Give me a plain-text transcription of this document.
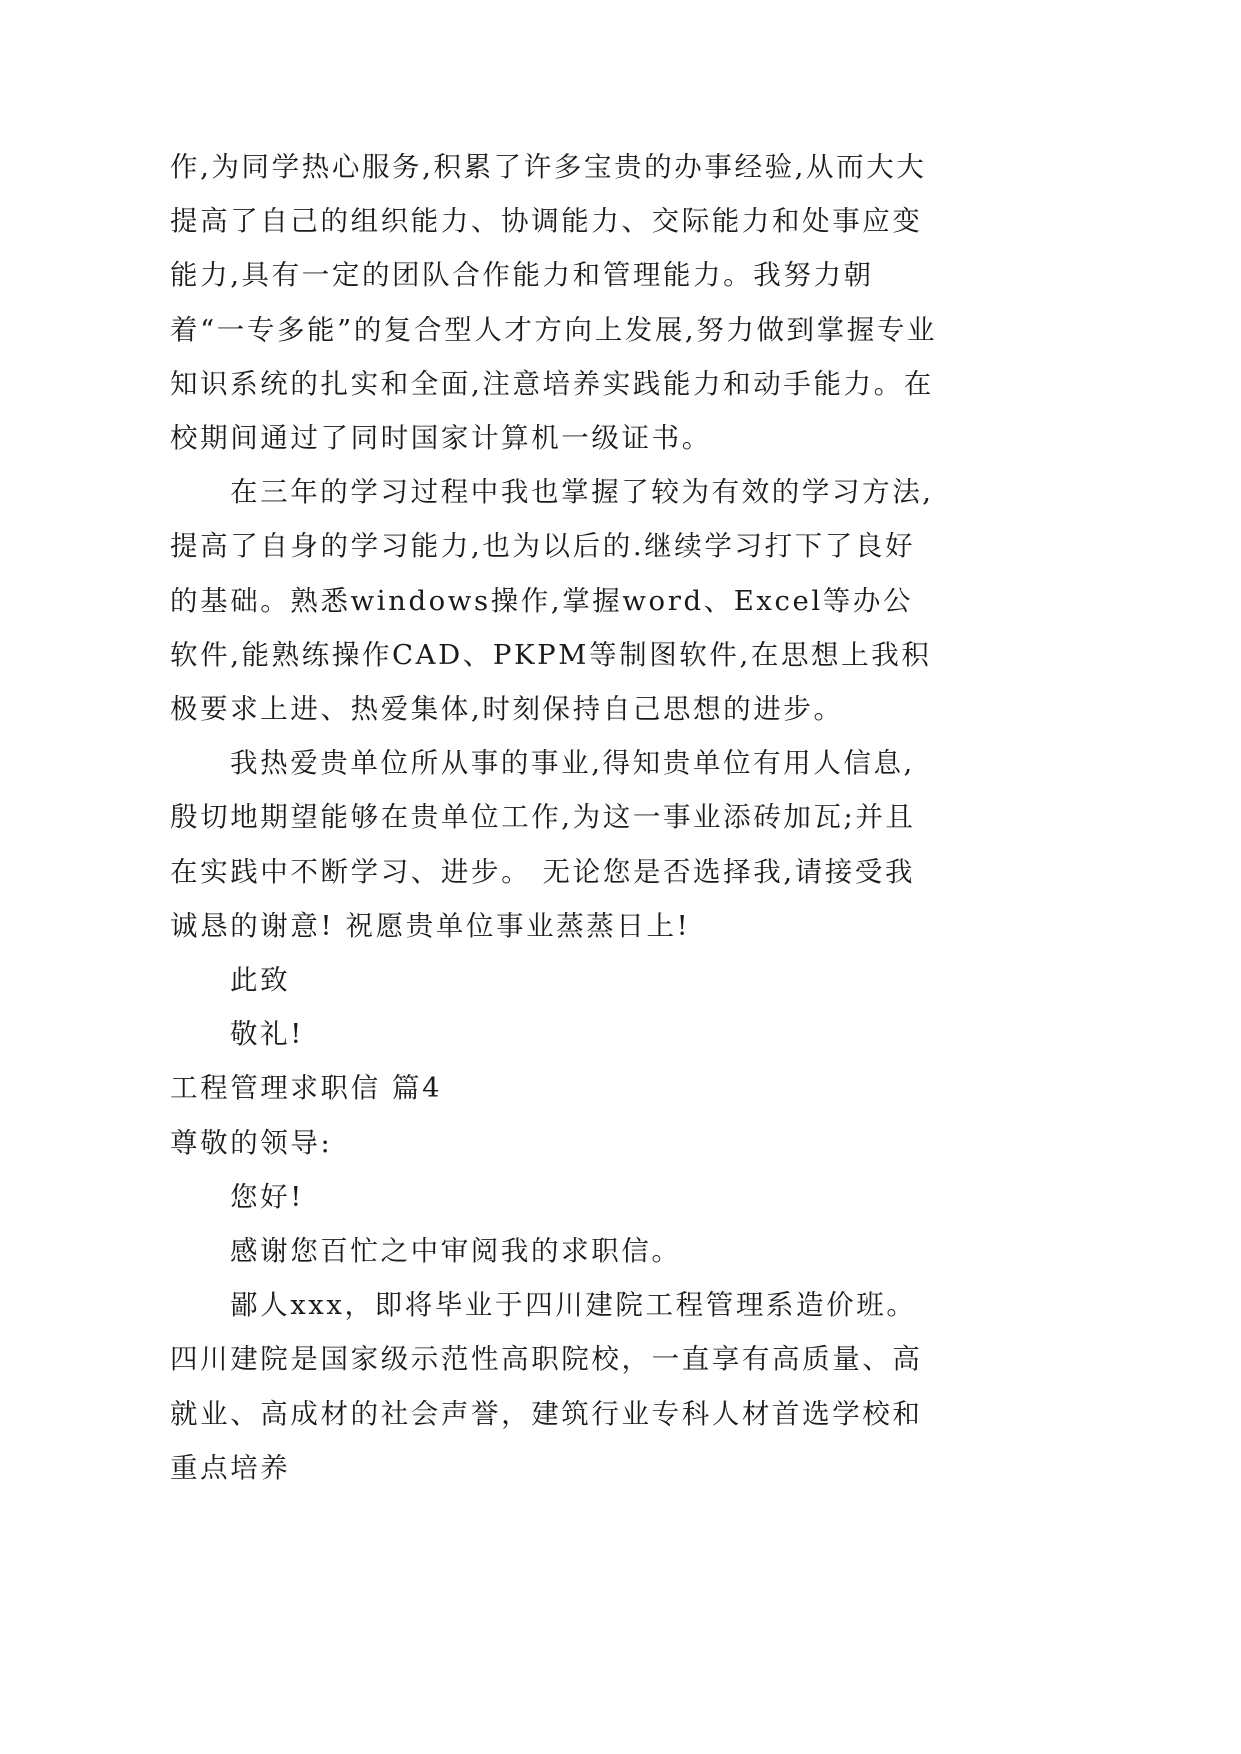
作,为同学热心服务,积累了许多宝贵的办事经验,从而大大提高了自己的组织能力、协调能力、交际能力和处事应变能力,具有一定的团队合作能力和管理能力。我努力朝着“一专多能”的复合型人才方向上发展,努力做到掌握专业知识系统的扎实和全面,注意培养实践能力和动手能力。在校期间通过了同时国家计算机一级证书。

在三年的学习过程中我也掌握了较为有效的学习方法,提高了自身的学习能力,也为以后的.继续学习打下了良好的基础。熟悉windows操作,掌握word、Excel等办公软件,能熟练操作CAD、PKPM等制图软件,在思想上我积极要求上进、热爱集体,时刻保持自己思想的进步。

我热爱贵单位所从事的事业,得知贵单位有用人信息,殷切地期望能够在贵单位工作,为这一事业添砖加瓦;并且在实践中不断学习、进步。 无论您是否选择我,请接受我诚恳的谢意! 祝愿贵单位事业蒸蒸日上!

此致

敬礼!

工程管理求职信 篇4

尊敬的领导:

您好!

感谢您百忙之中审阅我的求职信。

鄙人xxx，即将毕业于四川建院工程管理系造价班。四川建院是国家级示范性高职院校，一直享有高质量、高就业、高成材的社会声誉，建筑行业专科人材首选学校和重点培养
